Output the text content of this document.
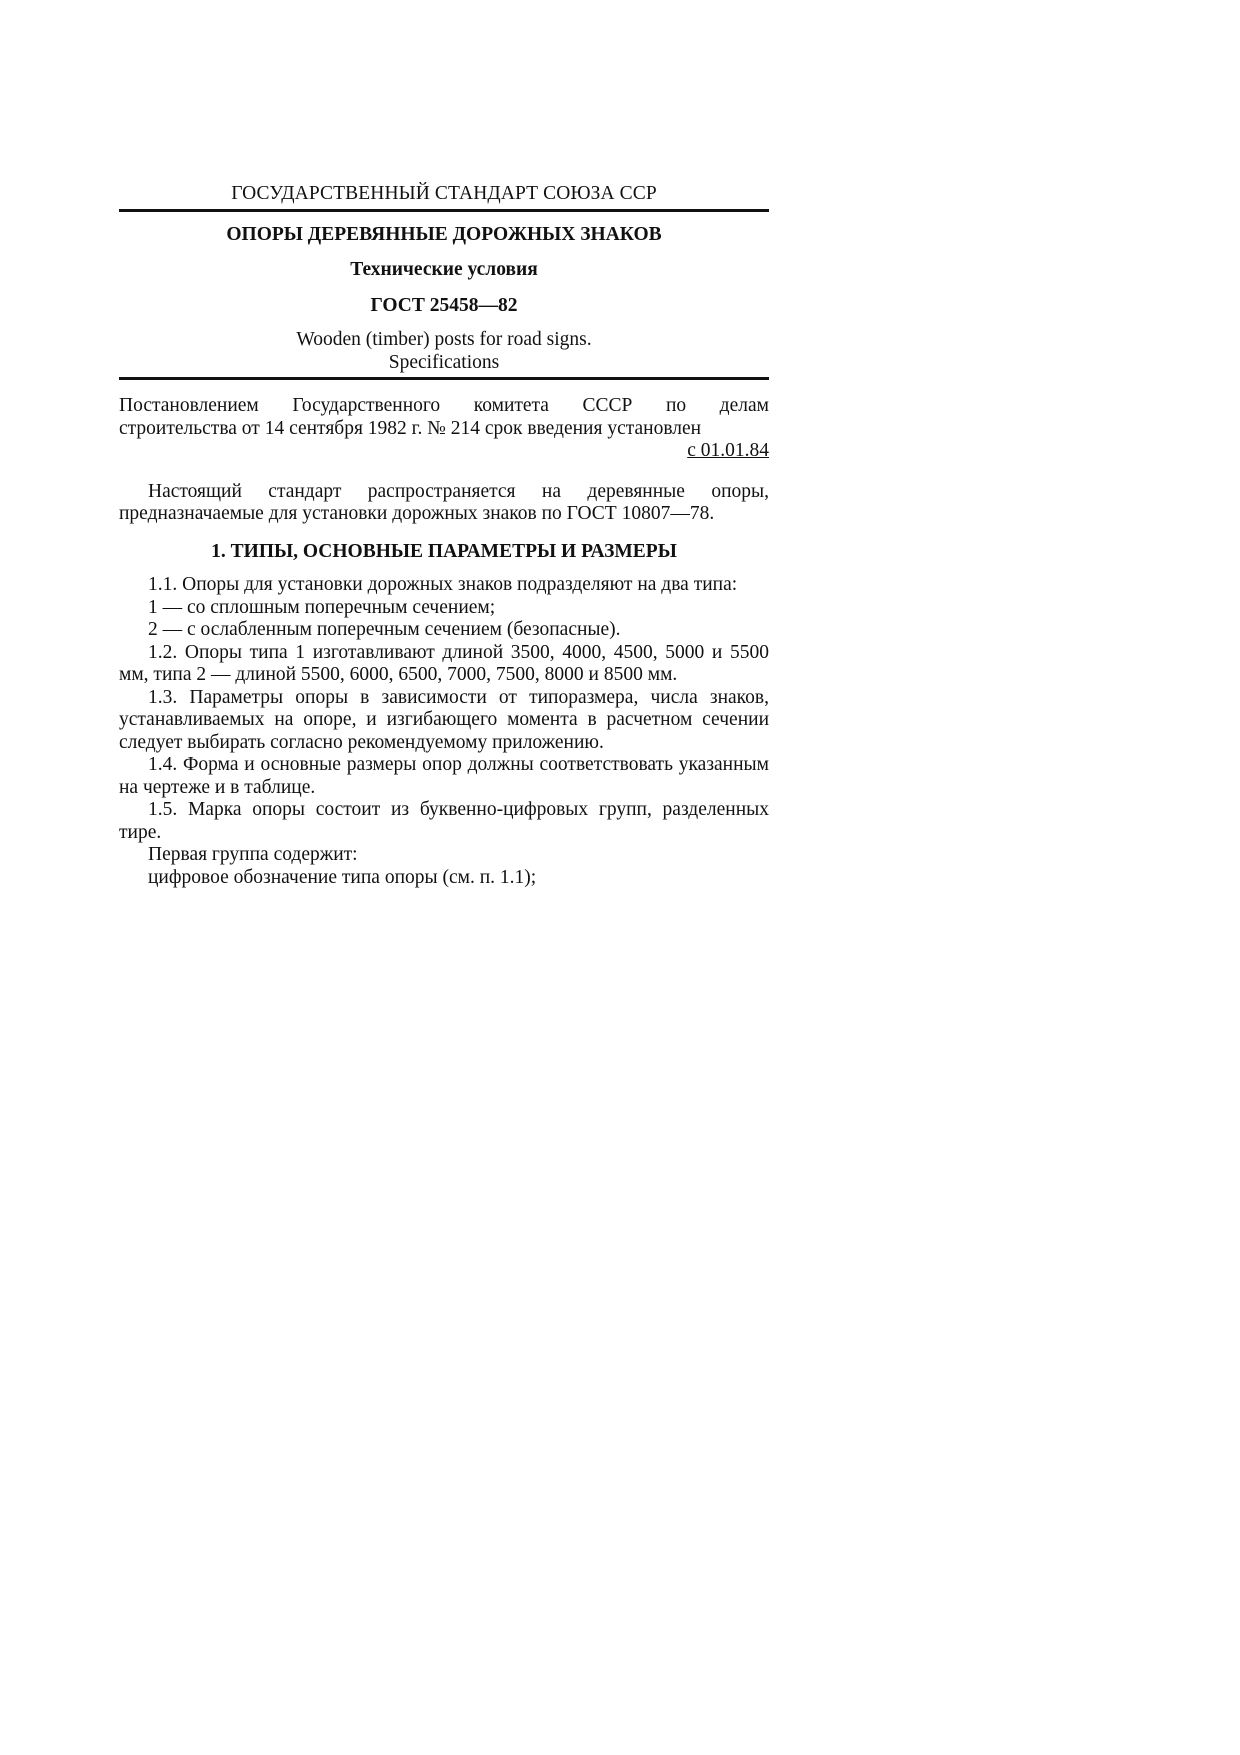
ГОСУДАРСТВЕННЫЙ СТАНДАРТ СОЮЗА ССР
ОПОРЫ ДЕРЕВЯННЫЕ ДОРОЖНЫХ ЗНАКОВ
Технические условия
ГОСТ 25458—82
Wooden (timber) posts for road signs.
Specifications
Постановлением Государственного комитета СССР по делам
строительства от 14 сентября 1982 г. № 214 срок введения установлен
с 01.01.84
Настоящий стандарт распространяется на деревянные опоры, предназначаемые для установки дорожных знаков по ГОСТ 10807—78.
1. ТИПЫ, ОСНОВНЫЕ ПАРАМЕТРЫ И РАЗМЕРЫ
1.1. Опоры для установки дорожных знаков подразделяют на два типа:
1 — со сплошным поперечным сечением;
2 — с ослабленным поперечным сечением (безопасные).
1.2. Опоры типа 1 изготавливают длиной 3500, 4000, 4500, 5000 и 5500 мм, типа 2 — длиной 5500, 6000, 6500, 7000, 7500, 8000 и 8500 мм.
1.3. Параметры опоры в зависимости от типоразмера, числа знаков, устанавливаемых на опоре, и изгибающего момента в расчетном сечении следует выбирать согласно рекомендуемому приложению.
1.4. Форма и основные размеры опор должны соответствовать указанным на чертеже и в таблице.
1.5. Марка опоры состоит из буквенно-цифровых групп, разделенных тире.
Первая группа содержит:
цифровое обозначение типа опоры (см. п. 1.1);
